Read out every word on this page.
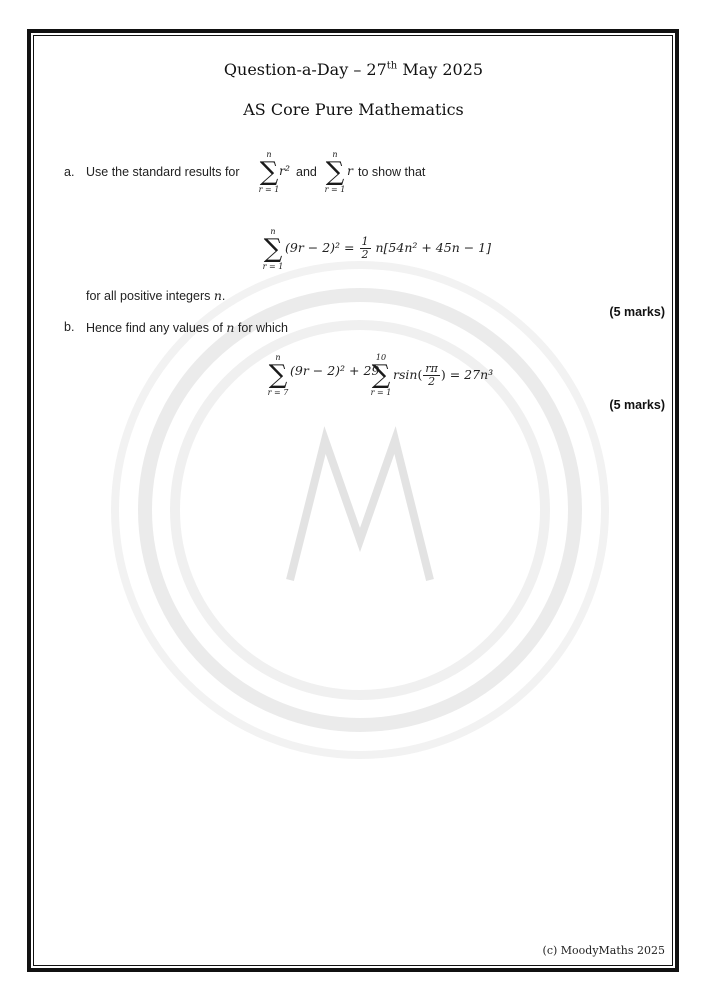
Question-a-Day – 27th May 2025
AS Core Pure Mathematics
a. Use the standard results for
n
∑
r = 1
r² and
n
∑
r = 1
r to show that
n
∑
r = 1
$(9r - 2)^2 = \frac{1}{2} n[54n^2 + 45n - 1]$
for all positive integers n.
(5 marks)
b. Hence find any values of n for which
n
∑
r = 7
(9r − 2)² + 29
10
∑
r = 1
$rsin( \frac{r\pi}{2}$ ) = 27n³
(5 marks)
(c) MoodyMaths 2025
